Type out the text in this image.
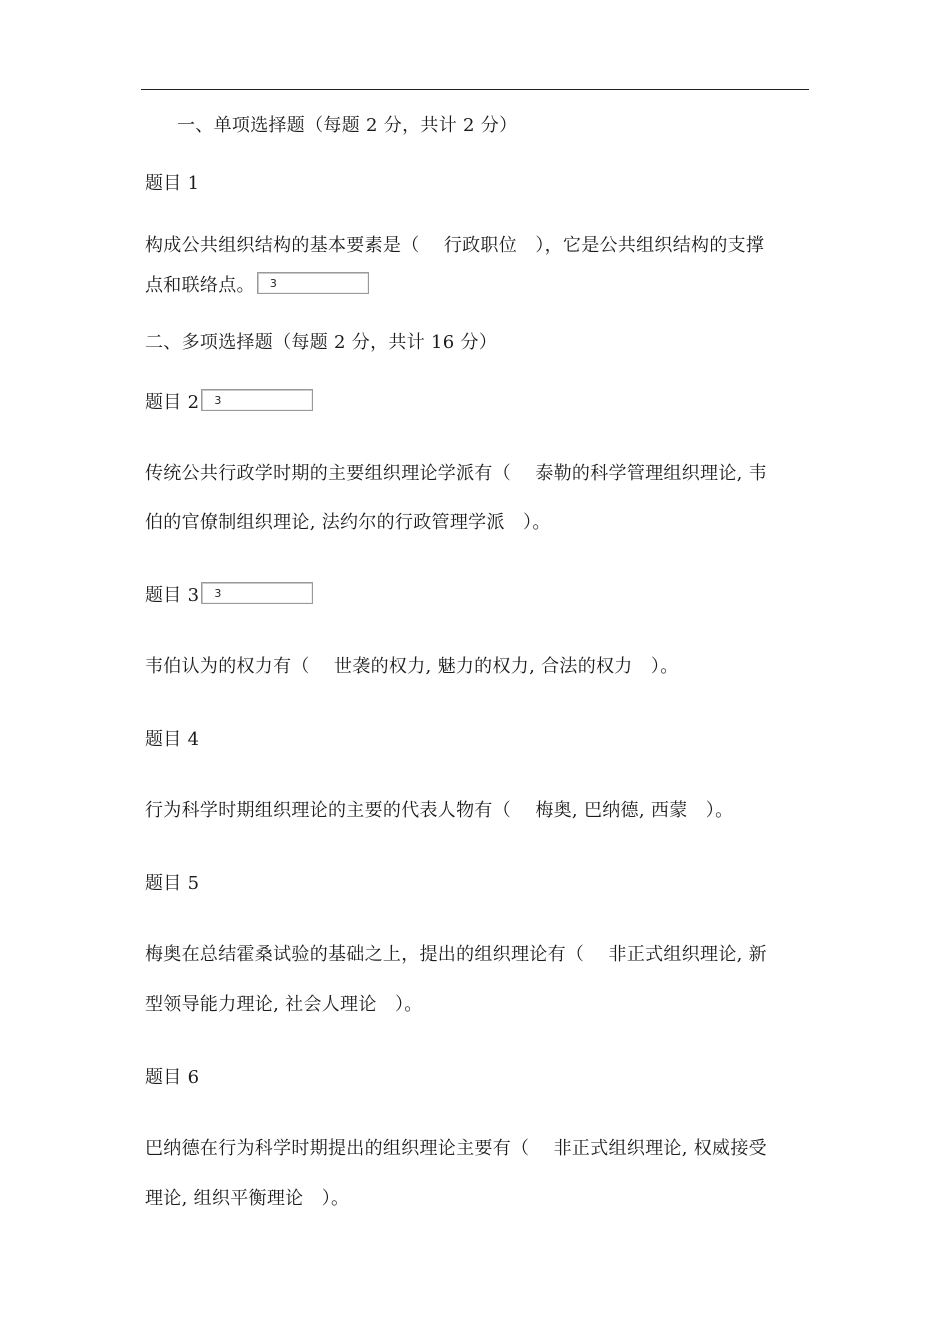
一、单项选择题（每题 2 分，共计 2 分）
题目 1
构成公共组织结构的基本要素是（　 行政职位　），它是公共组织结构的支撑
点和联络点。 3
二、多项选择题（每题 2 分，共计 16 分）
题目 2 3
传统公共行政学时期的主要组织理论学派有（　 泰勒的科学管理组织理论, 韦
伯的官僚制组织理论, 法约尔的行政管理学派　）。
题目 3 3
韦伯认为的权力有（　 世袭的权力, 魅力的权力, 合法的权力　）。
题目 4
行为科学时期组织理论的主要的代表人物有（　 梅奥, 巴纳德, 西蒙　）。
题目 5
梅奥在总结霍桑试验的基础之上，提出的组织理论有（　 非正式组织理论, 新
型领导能力理论, 社会人理论　）。
题目 6
巴纳德在行为科学时期提出的组织理论主要有（　 非正式组织理论, 权威接受
理论, 组织平衡理论　）。
